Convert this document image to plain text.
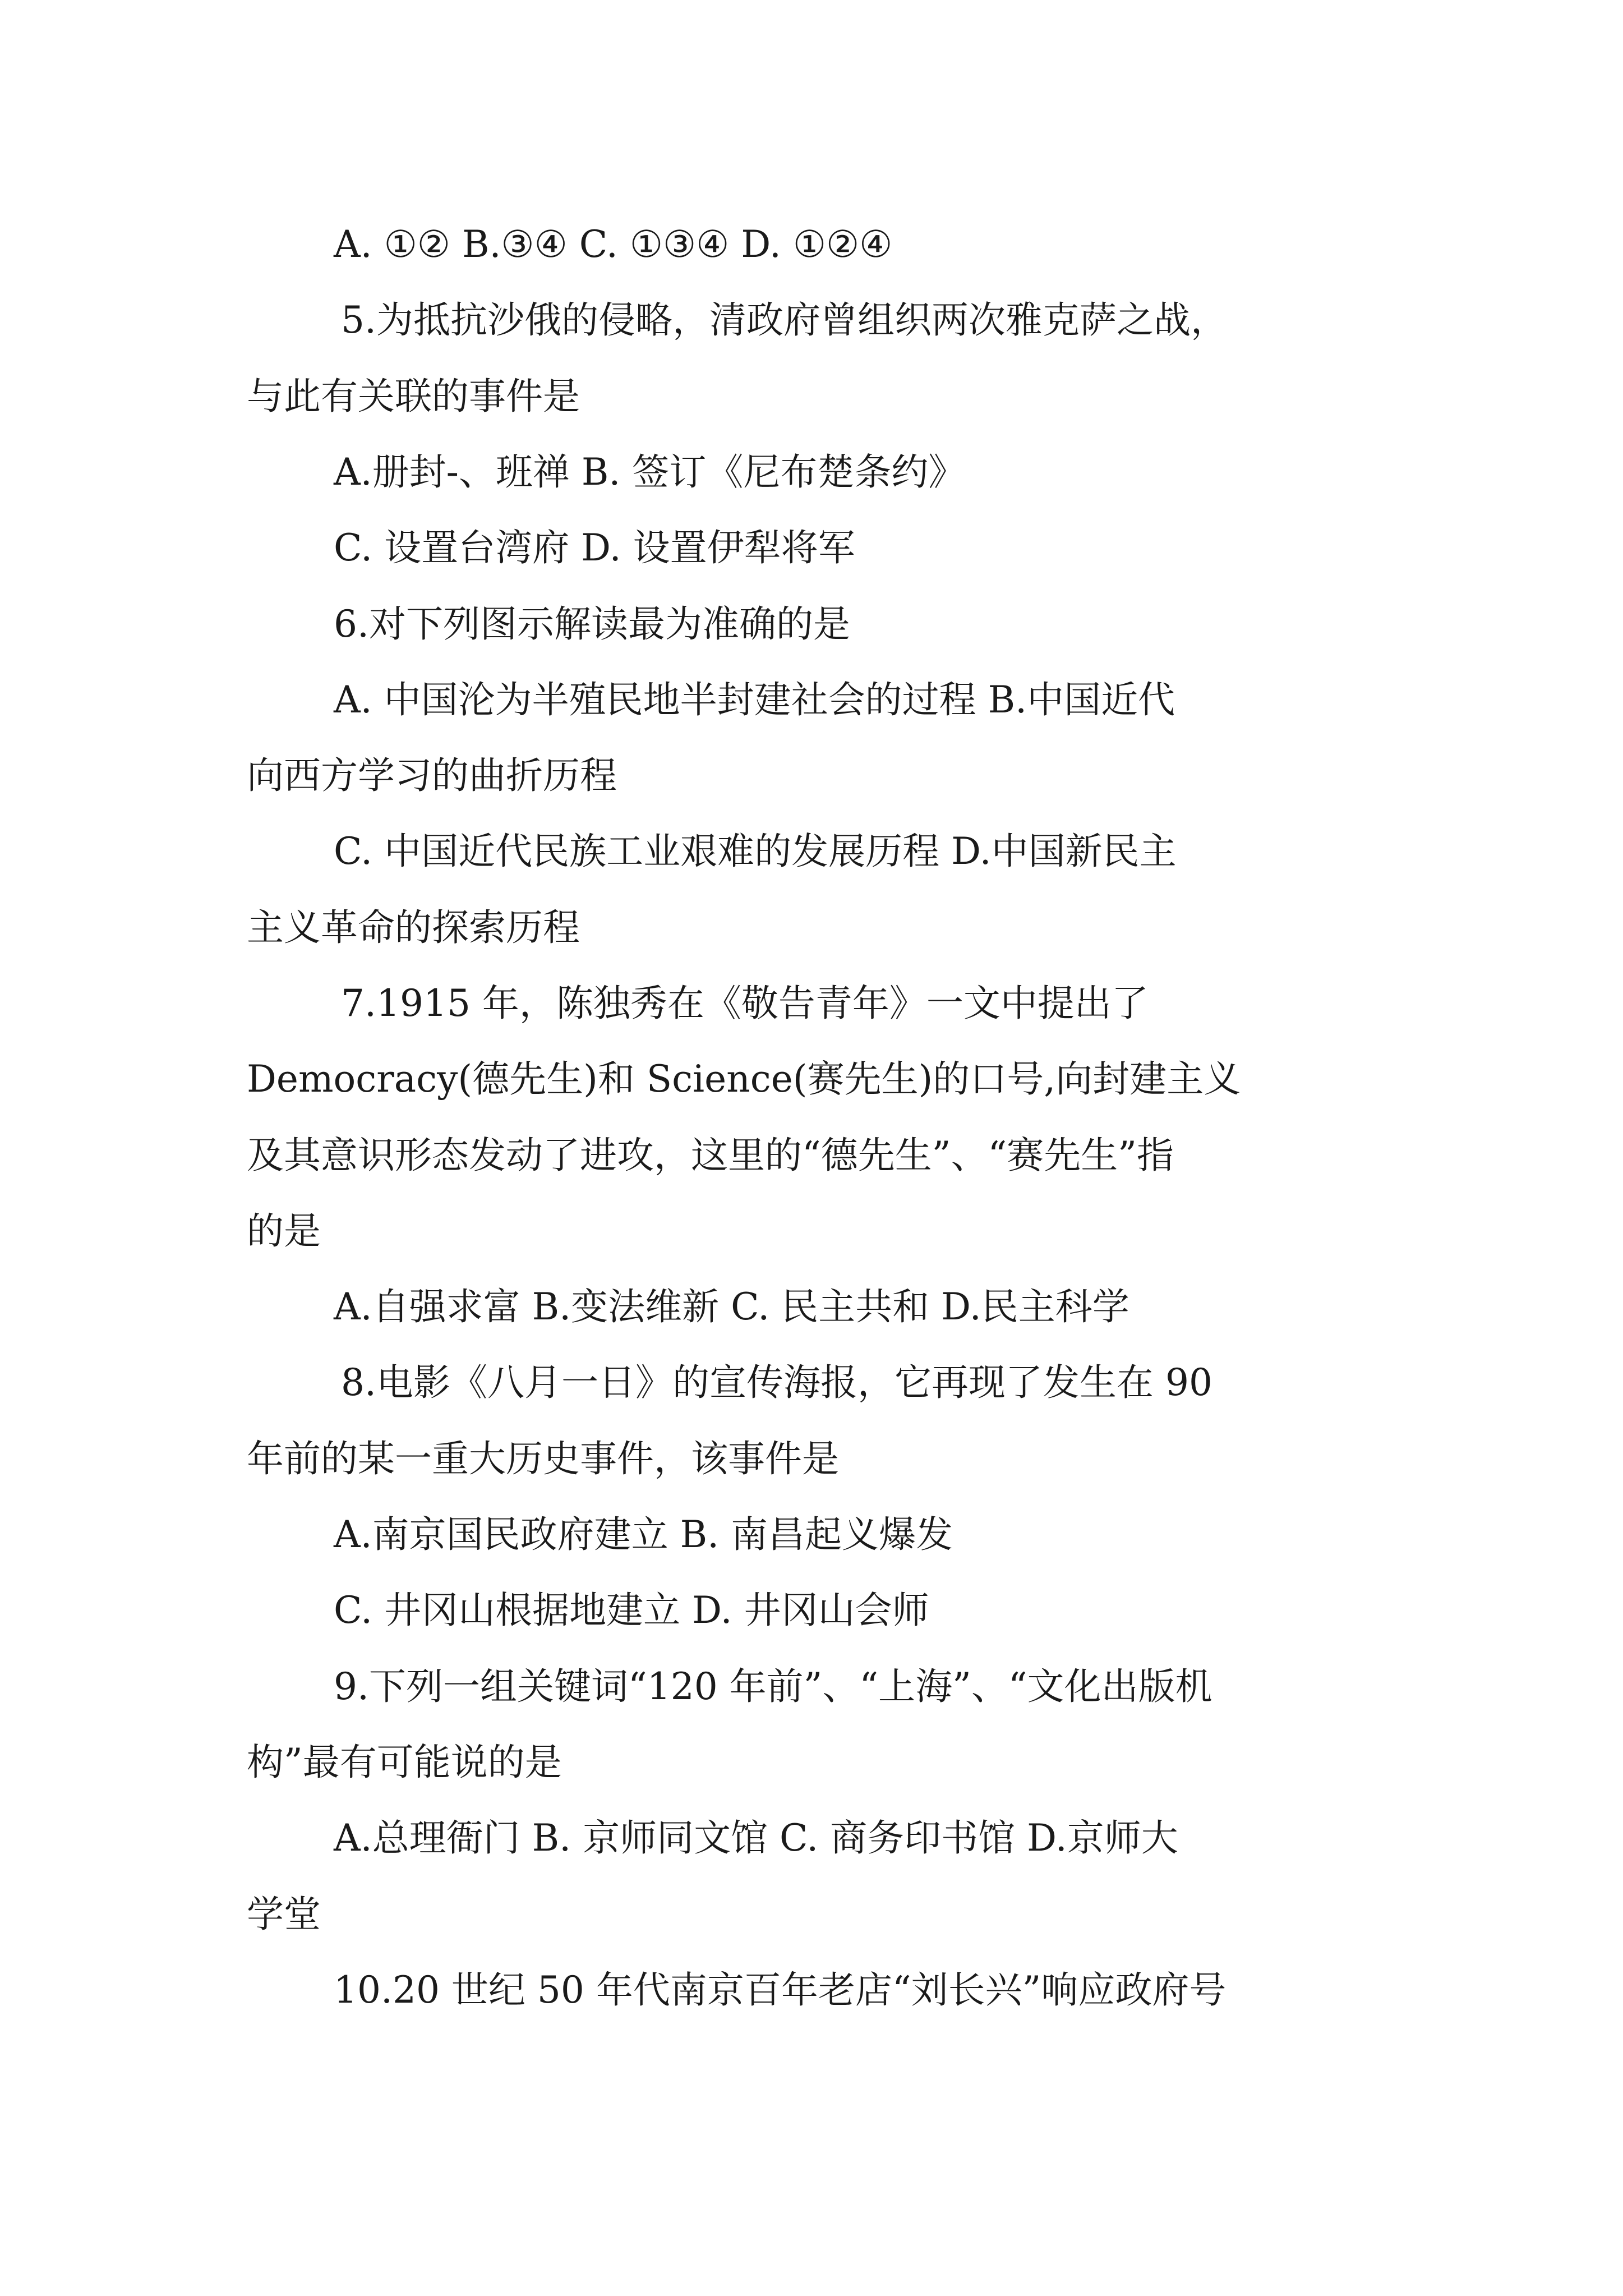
A. ①② B.③④ C. ①③④ D. ①②④
5.为抵抗沙俄的侵略，清政府曾组织两次雅克萨之战，
与此有关联的事件是
A.册封-、班禅 B. 签订《尼布楚条约》
C. 设置台湾府 D. 设置伊犁将军
6.对下列图示解读最为准确的是
A. 中国沦为半殖民地半封建社会的过程 B.中国近代
向西方学习的曲折历程
C. 中国近代民族工业艰难的发展历程 D.中国新民主
主义革命的探索历程
7.1915 年，陈独秀在《敬告青年》一文中提出了
Democracy(德先生)和 Science(赛先生)的口号,向封建主义
及其意识形态发动了进攻，这里的“德先生”、“赛先生”指
的是
A.自强求富 B.变法维新 C. 民主共和 D.民主科学
8.电影《八月一日》的宣传海报，它再现了发生在 90
年前的某一重大历史事件，该事件是
A.南京国民政府建立 B. 南昌起义爆发
C. 井冈山根据地建立 D. 井冈山会师
9.下列一组关键词“120 年前”、“上海”、“文化出版机
构”最有可能说的是
A.总理衙门 B. 京师同文馆 C. 商务印书馆 D.京师大
学堂
10.20 世纪 50 年代南京百年老店“刘长兴”响应政府号
